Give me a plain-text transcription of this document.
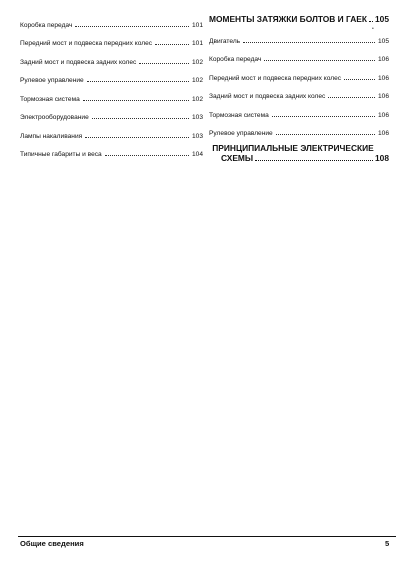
Коробка передач	101
Передний мост и подвеска передних колес	101
Задний мост и подвеска задних колес	102
Рулевое управление	102
Тормозная система	102
Электрооборудование	103
Лампы накаливания	103
Типичные габариты и веса	104
МОМЕНТЫ ЗАТЯЖКИ БОЛТОВ И ГАЕК 105
Двигатель	105
Коробка передач	106
Передний мост и подвеска передних колес	106
Задний мост и подвеска задних колес	106
Тормозная система	106
Рулевое управление	106
ПРИНЦИПИАЛЬНЫЕ ЭЛЕКТРИЧЕСКИЕ
СХЕМЫ	108
•
Общие сведения	5
